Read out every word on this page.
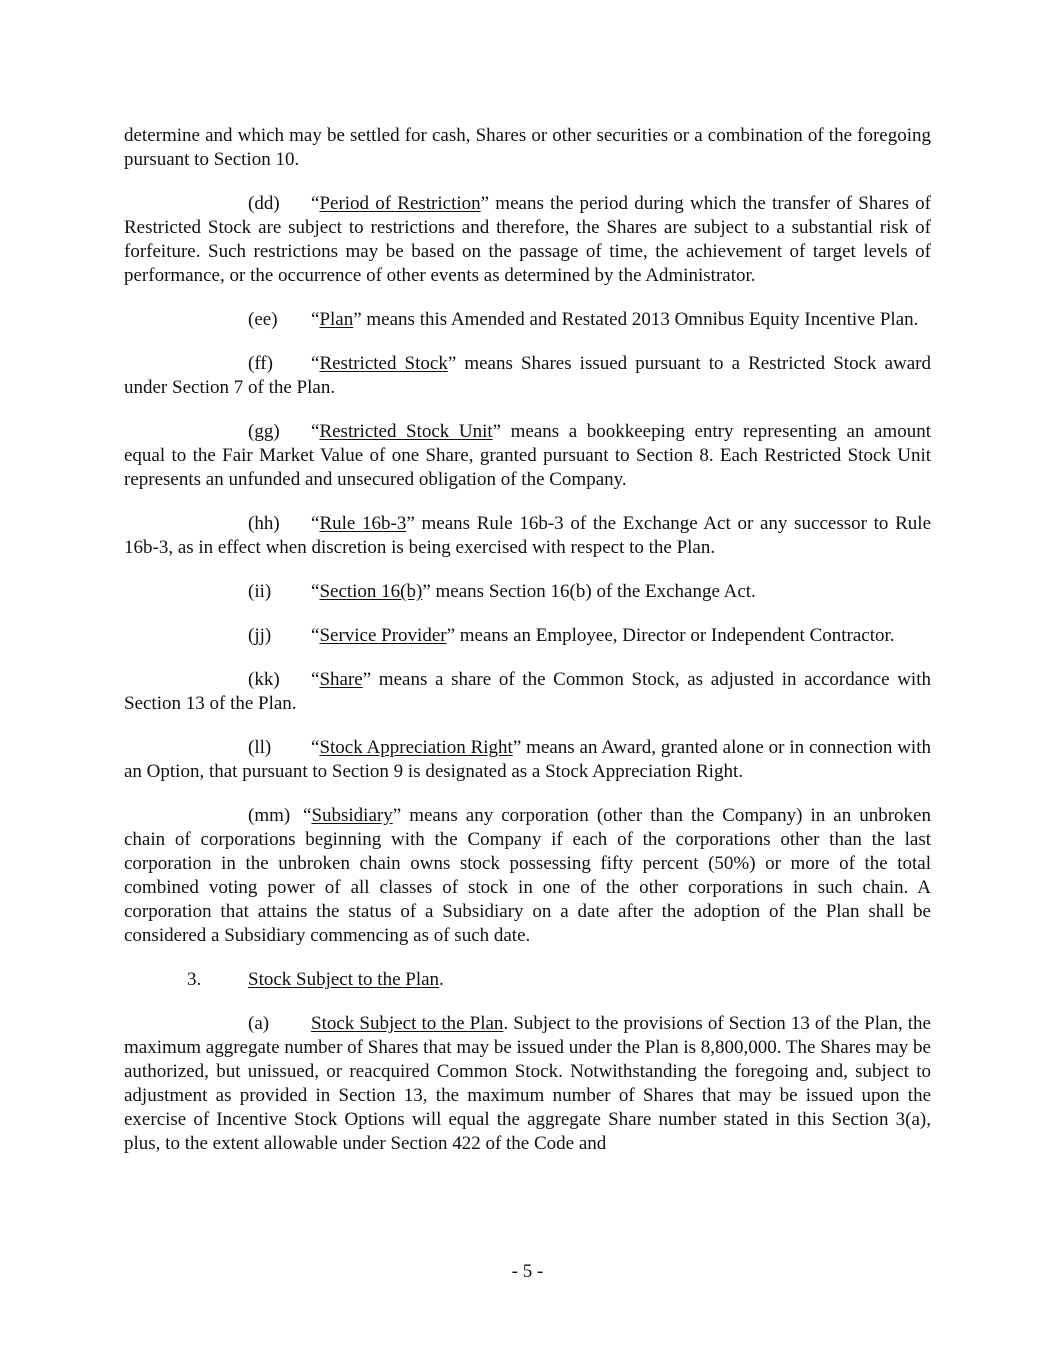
determine and which may be settled for cash, Shares or other securities or a combination of the foregoing pursuant to Section 10.

(dd) “Period of Restriction” means the period during which the transfer of Shares of Restricted Stock are subject to restrictions and therefore, the Shares are subject to a substantial risk of forfeiture. Such restrictions may be based on the passage of time, the achievement of target levels of performance, or the occurrence of other events as determined by the Administrator.

(ee) “Plan” means this Amended and Restated 2013 Omnibus Equity Incentive Plan.

(ff) “Restricted Stock” means Shares issued pursuant to a Restricted Stock award under Section 7 of the Plan.

(gg) “Restricted Stock Unit” means a bookkeeping entry representing an amount equal to the Fair Market Value of one Share, granted pursuant to Section 8. Each Restricted Stock Unit represents an unfunded and unsecured obligation of the Company.

(hh) “Rule 16b-3” means Rule 16b-3 of the Exchange Act or any successor to Rule 16b-3, as in effect when discretion is being exercised with respect to the Plan.

(ii) “Section 16(b)” means Section 16(b) of the Exchange Act.

(jj) “Service Provider” means an Employee, Director or Independent Contractor.

(kk) “Share” means a share of the Common Stock, as adjusted in accordance with Section 13 of the Plan.

(ll) “Stock Appreciation Right” means an Award, granted alone or in connection with an Option, that pursuant to Section 9 is designated as a Stock Appreciation Right.

(mm) “Subsidiary” means any corporation (other than the Company) in an unbroken chain of corporations beginning with the Company if each of the corporations other than the last corporation in the unbroken chain owns stock possessing fifty percent (50%) or more of the total combined voting power of all classes of stock in one of the other corporations in such chain. A corporation that attains the status of a Subsidiary on a date after the adoption of the Plan shall be considered a Subsidiary commencing as of such date.

3. Stock Subject to the Plan.

(a) Stock Subject to the Plan. Subject to the provisions of Section 13 of the Plan, the maximum aggregate number of Shares that may be issued under the Plan is 8,800,000. The Shares may be authorized, but unissued, or reacquired Common Stock. Notwithstanding the foregoing and, subject to adjustment as provided in Section 13, the maximum number of Shares that may be issued upon the exercise of Incentive Stock Options will equal the aggregate Share number stated in this Section 3(a), plus, to the extent allowable under Section 422 of the Code and

- 5 -
